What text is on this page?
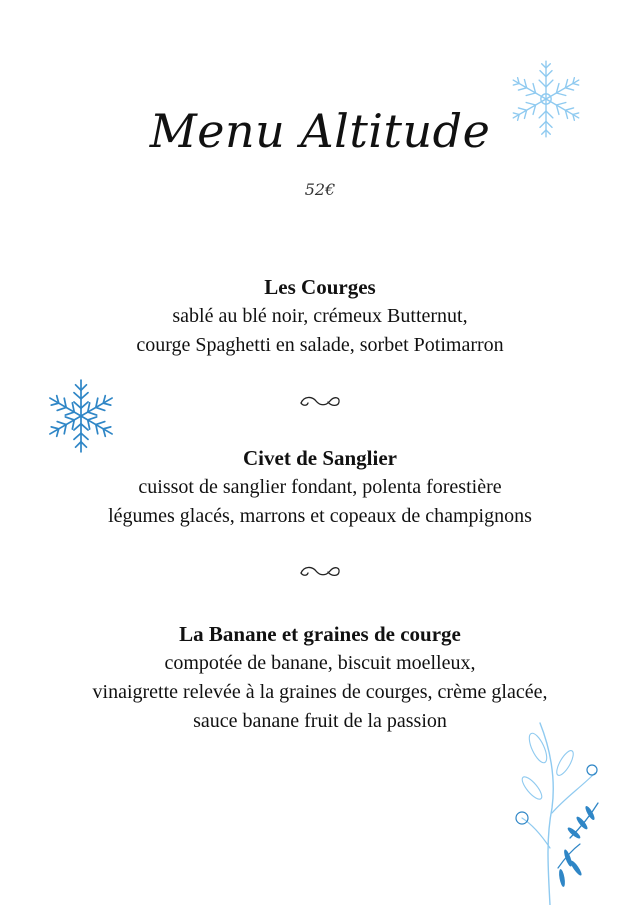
Menu Altitude
52€
Les Courges

sablé au blé noir, crémeux Butternut,

courge Spaghetti en salade, sorbet Potimarron

Civet de Sanglier

cuissot de sanglier fondant, polenta forestière

légumes glacés, marrons et copeaux de champignons

La Banane et graines de courge

compotée de banane, biscuit moelleux,

vinaigrette relevée à la graines de courges, crème glacée,

sauce banane fruit de la passion
